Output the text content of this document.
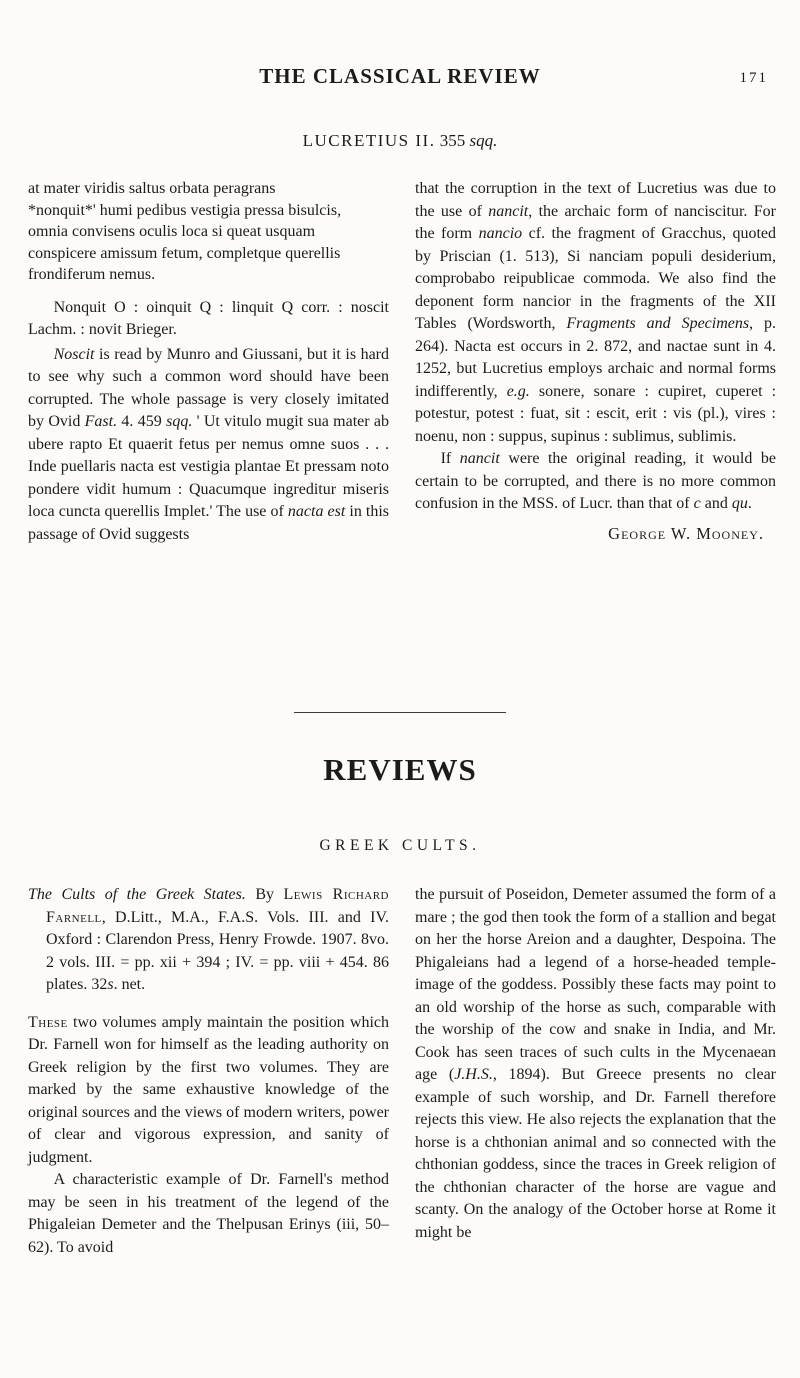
THE CLASSICAL REVIEW	171
LUCRETIUS II. 355 sqq.

at mater viridis saltus orbata peragrans

*nonquit*' humi pedibus vestigia pressa bisulcis,

omnia convisens oculis loca si queat usquam

conspicere amissum fetum, completque querellis

frondiferum nemus.

Nonquit O : oinquit Q : linquit Q corr. : noscit Lachm. : novit Brieger.

Noscit is read by Munro and Giussani, but it is hard to see why such a common word should have been corrupted. The whole passage is very closely imitated by Ovid Fast. 4. 459 sqq. ' Ut vitulo mugit sua mater ab ubere rapto Et quaerit fetus per nemus omne suos . . . Inde puellaris nacta est vestigia plantae Et pressam noto pondere vidit humum : Quacumque ingreditur miseris loca cuncta querellis Implet.' The use of nacta est in this passage of Ovid suggests

that the corruption in the text of Lucretius was due to the use of nancit, the archaic form of nanciscitur. For the form nancio cf. the fragment of Gracchus, quoted by Priscian (1. 513), Si nanciam populi desiderium, comprobabo reipublicae commoda. We also find the deponent form nancior in the fragments of the XII Tables (Wordsworth, Fragments and Specimens, p. 264). Nacta est occurs in 2. 872, and nactae sunt in 4. 1252, but Lucretius employs archaic and normal forms indifferently, e.g. sonere, sonare : cupiret, cuperet : potestur, potest : fuat, sit : escit, erit : vis (pl.), vires : noenu, non : suppus, supinus : sublimus, sublimis.

If nancit were the original reading, it would be certain to be corrupted, and there is no more common confusion in the MSS. of Lucr. than that of c and qu.

George W. Mooney.

REVIEWS
GREEK CULTS.

The Cults of the Greek States. By Lewis Richard Farnell, D.Litt., M.A., F.A.S. Vols. III. and IV. Oxford : Clarendon Press, Henry Frowde. 1907. 8vo. 2 vols. III. = pp. xii + 394 ; IV. = pp. viii + 454. 86 plates. 32s. net.

These two volumes amply maintain the position which Dr. Farnell won for himself as the leading authority on Greek religion by the first two volumes. They are marked by the same exhaustive knowledge of the original sources and the views of modern writers, power of clear and vigorous expression, and sanity of judgment.

A characteristic example of Dr. Farnell's method may be seen in his treatment of the legend of the Phigaleian Demeter and the Thelpusan Erinys (iii, 50–62). To avoid

the pursuit of Poseidon, Demeter assumed the form of a mare ; the god then took the form of a stallion and begat on her the horse Areion and a daughter, Despoina. The Phigaleians had a legend of a horse-headed temple-image of the goddess. Possibly these facts may point to an old worship of the horse as such, comparable with the worship of the cow and snake in India, and Mr. Cook has seen traces of such cults in the Mycenaean age (J.H.S., 1894). But Greece presents no clear example of such worship, and Dr. Farnell therefore rejects this view. He also rejects the explanation that the horse is a chthonian animal and so connected with the chthonian goddess, since the traces in Greek religion of the chthonian character of the horse are vague and scanty. On the analogy of the October horse at Rome it might be
